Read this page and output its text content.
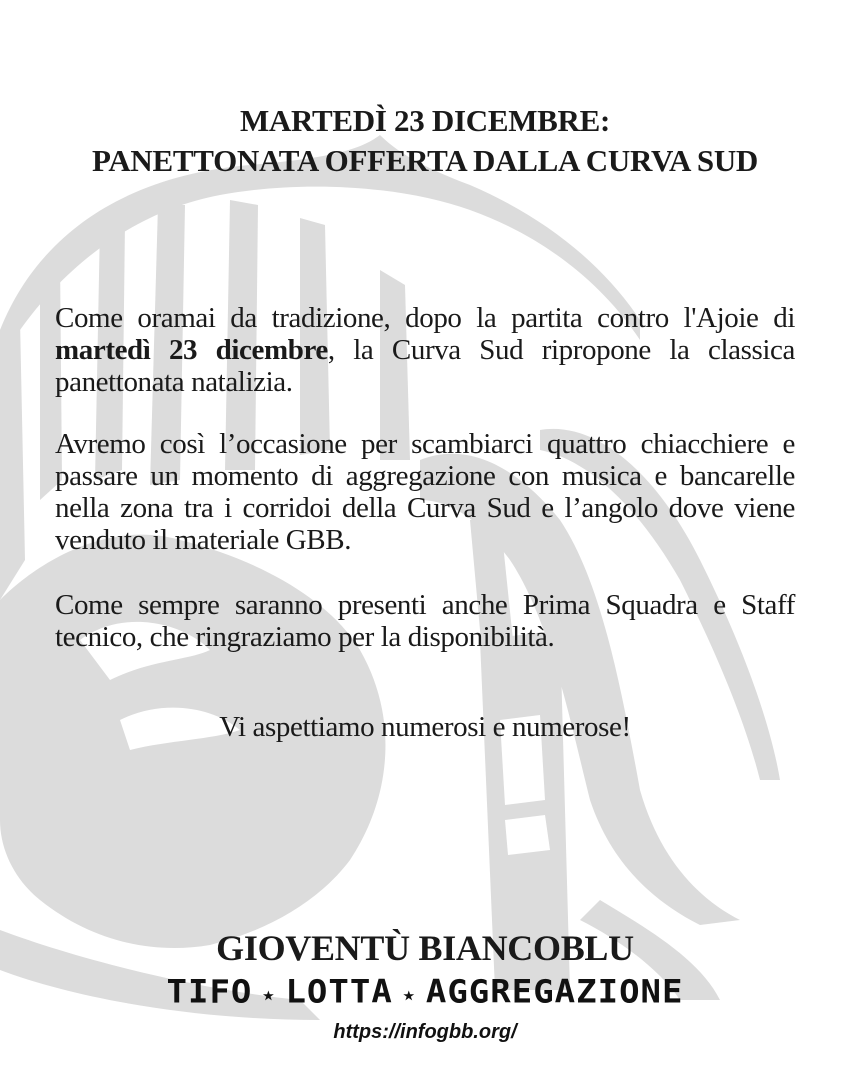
MARTEDÌ 23 DICEMBRE:
PANETTONATA OFFERTA DALLA CURVA SUD
Come oramai da tradizione, dopo la partita contro l'Ajoie di martedì 23 dicembre, la Curva Sud ripropone la classica panettonata natalizia.
Avremo così l’occasione per scambiarci quattro chiacchiere e passare un momento di aggregazione con musica e bancarelle nella zona tra i corridoi della Curva Sud e l’angolo dove viene venduto il materiale GBB.
Come sempre saranno presenti anche Prima Squadra e Staff tecnico, che ringraziamo per la disponibilità.
Vi aspettiamo numerosi e numerose!
GIOVENTÙ BIANCOBLU
TIFO ★ LOTTA ★ AGGREGAZIONE
https://infogbb.org/
